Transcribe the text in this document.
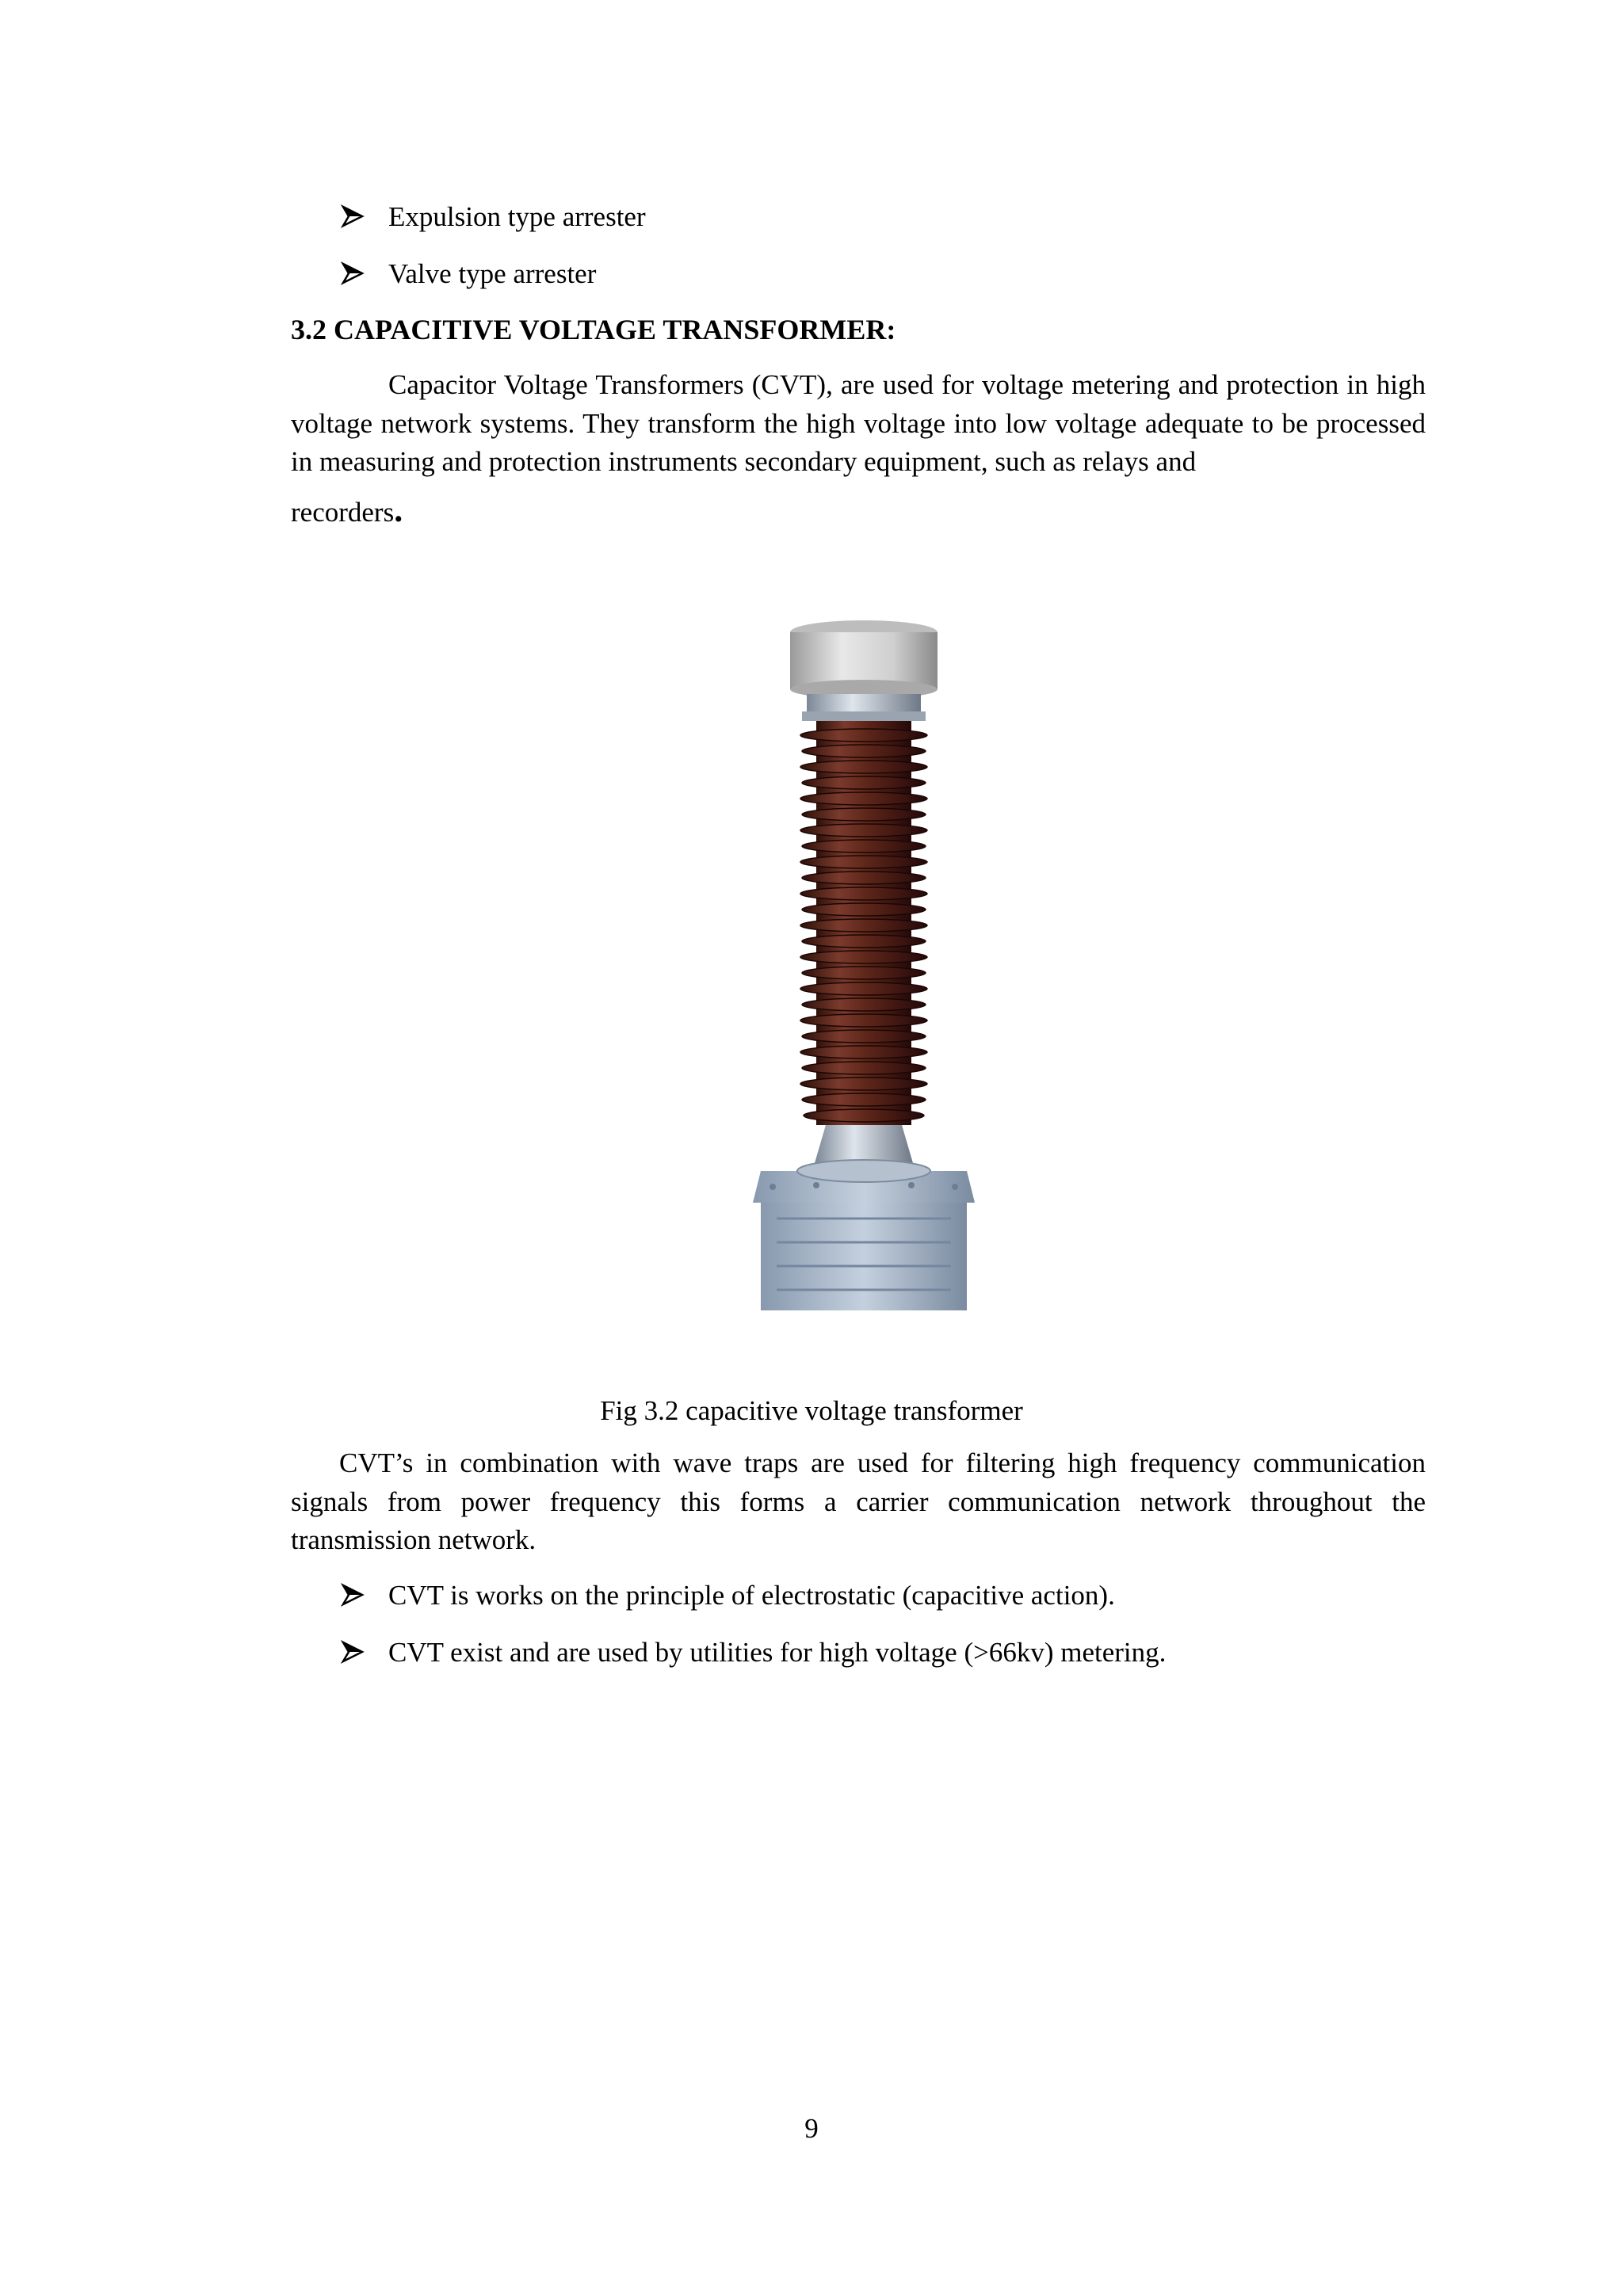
Expulsion type arrester
Valve type arrester
3.2 CAPACITIVE VOLTAGE TRANSFORMER:
Capacitor Voltage Transformers (CVT), are used for voltage metering and protection in high voltage network systems. They transform the high voltage into low voltage adequate to be processed in measuring and protection instruments secondary equipment, such as relays and
recorders.
Fig 3.2 capacitive voltage transformer
CVT’s in combination with wave traps are used for filtering high frequency communication signals from power frequency this forms a carrier communication network throughout the transmission network.
CVT is works on the principle of electrostatic (capacitive action).
CVT exist and are used by utilities for high voltage (>66kv) metering.
9
